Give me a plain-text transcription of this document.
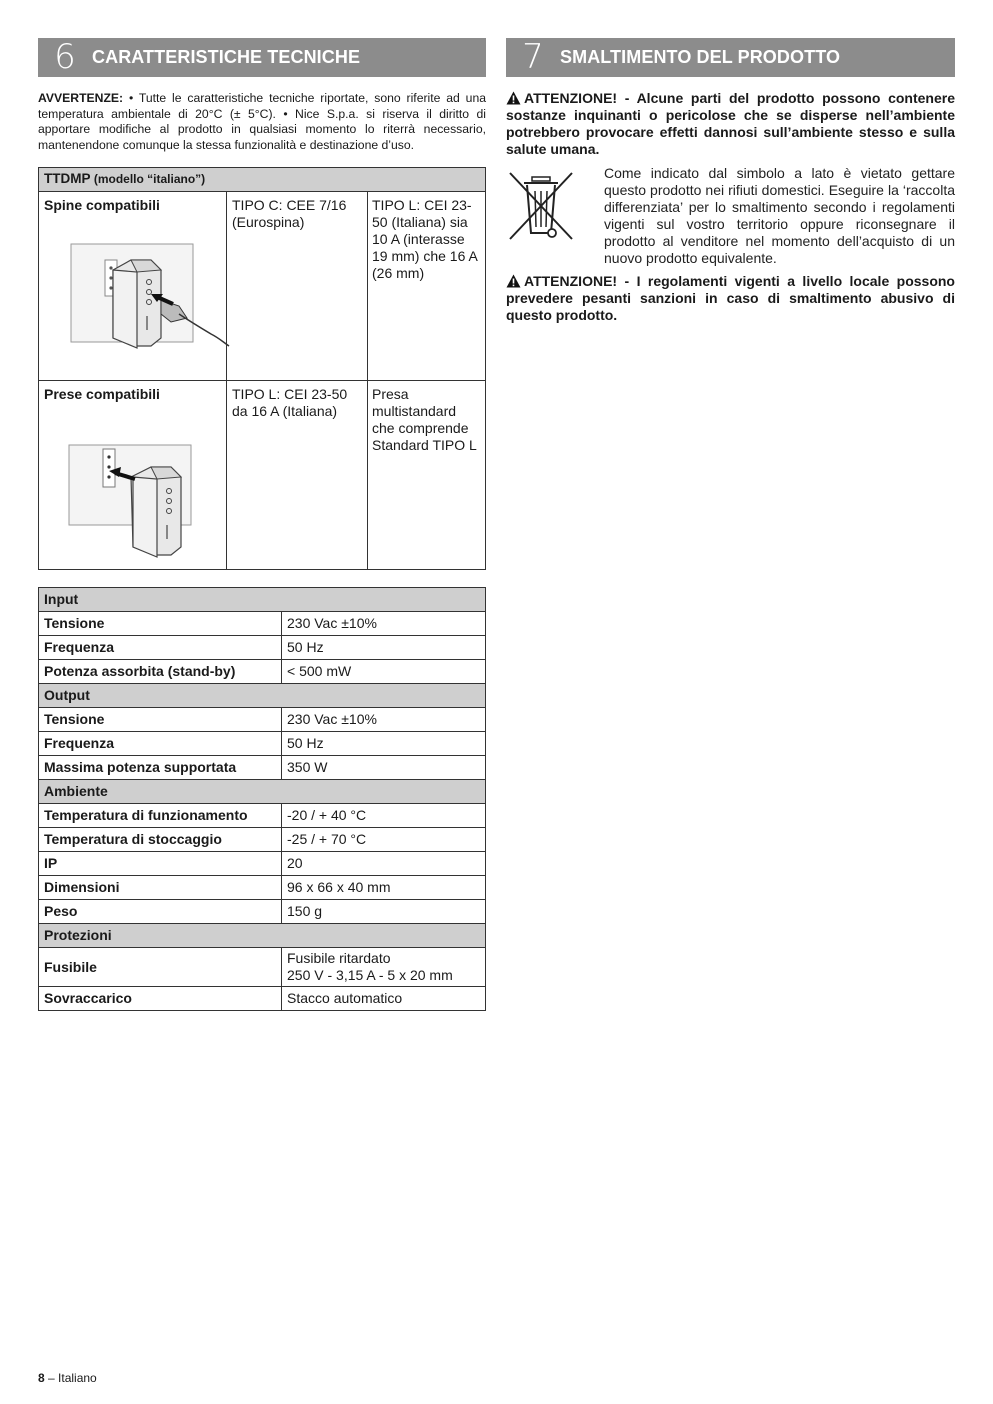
6 CARATTERISTICHE TECNICHE
AVVERTENZE: • Tutte le caratteristiche tecniche riportate, sono riferite ad una temperatura ambientale di 20°C (± 5°C). • Nice S.p.a. si riserva il diritto di apportare modifiche al prodotto in qualsiasi momento lo riterrà necessario, mantenendone comunque la stessa funzionalità e destinazione d’uso.
TTDMP (modello “italiano”)		

Spine compatibili	TIPO C: CEE 7/16 (Eurospina)	TIPO L: CEI 23-50 (Italiana) sia 10 A (interasse 19 mm) che 16 A (26 mm)

Prese compatibili	TIPO L: CEI 23-50 da 16 A (Italiana)	Presa multistandard che comprende Standard TIPO L
Input	
Tensione	230 Vac ±10%
Frequenza	50 Hz
Potenza assorbita (stand-by)	< 500 mW
Output	
Tensione	230 Vac ±10%
Frequenza	50 Hz
Massima potenza supportata	350 W
Ambiente	
Temperatura di funzionamento	-20 / + 40 °C
Temperatura di stoccaggio	-25 / + 70 °C
IP	20
Dimensioni	96 x 66 x 40 mm
Peso	150 g
Protezioni	
Fusibile	Fusibile ritardato
250 V - 3,15 A - 5 x 20 mm

Sovraccarico	Stacco automatico
7 SMALTIMENTO DEL PRODOTTO
ATTENZIONE! - Alcune parti del prodotto possono contenere sostanze inquinanti o pericolose che se disperse nell’ambiente potrebbero provocare effetti dannosi sull’ambiente stesso e sulla salute umana.
Come indicato dal simbolo a lato è vietato gettare questo prodotto nei rifiuti domestici. Eseguire la ‘raccolta differenziata’ per lo smaltimento secondo i regolamenti vigenti sul vostro territorio oppure riconsegnare il prodotto al venditore nel momento dell’acquisto di un nuovo prodotto equivalente.
ATTENZIONE! - I regolamenti vigenti a livello locale possono prevedere pesanti sanzioni in caso di smaltimento abusivo di questo prodotto.
8 – Italiano
